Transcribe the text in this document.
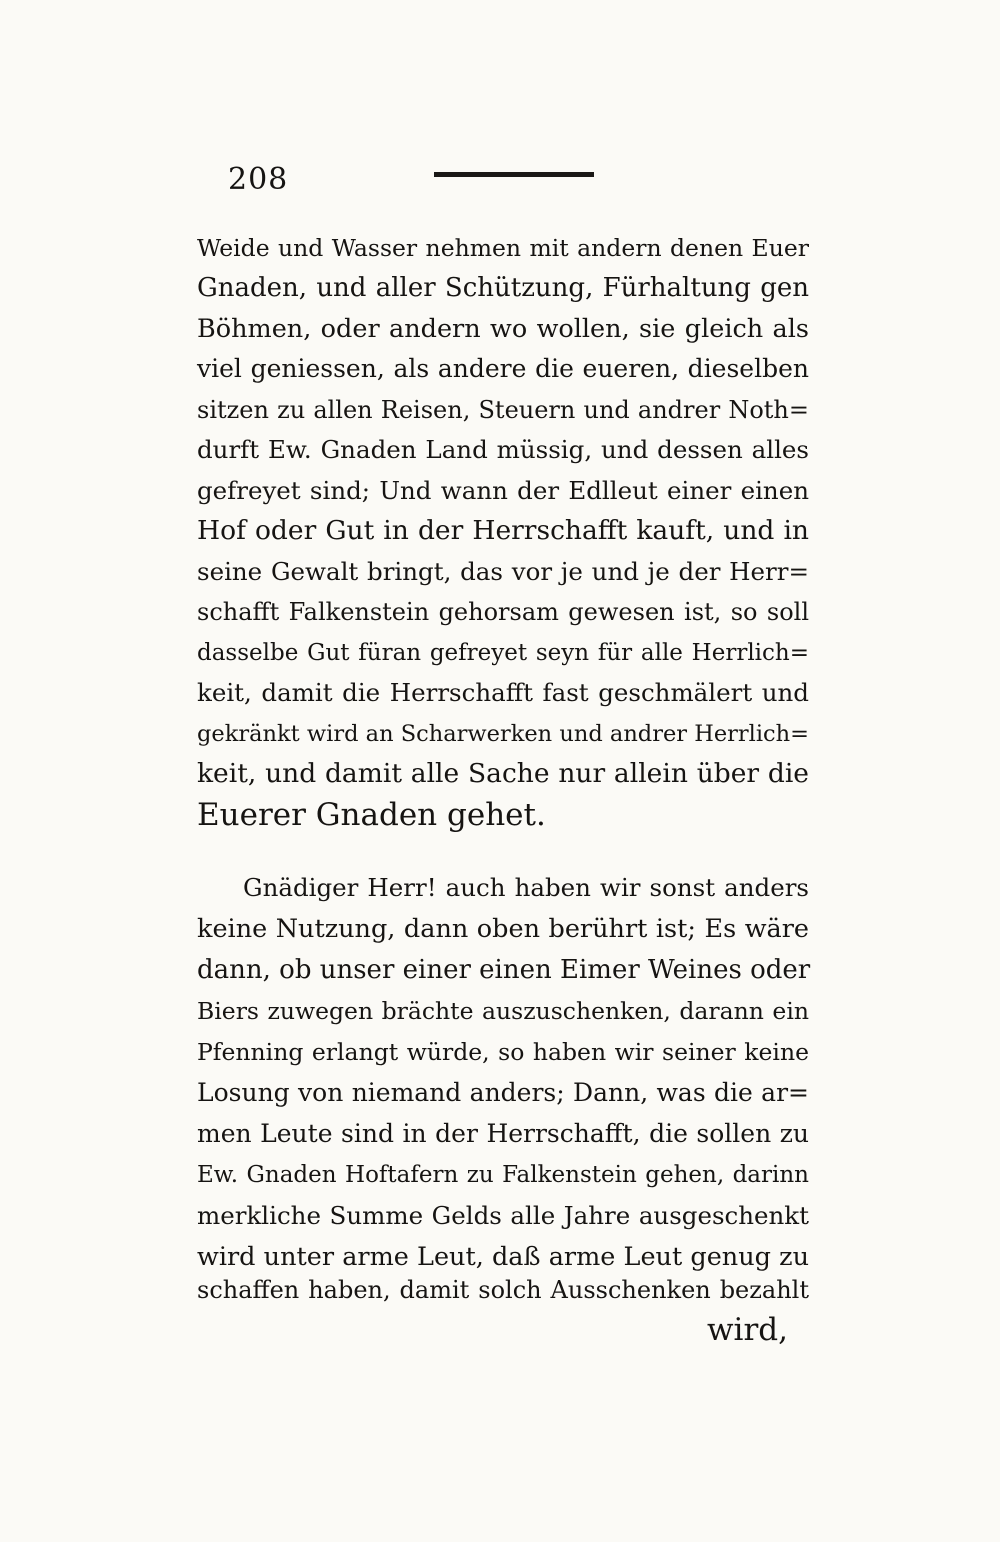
208
Weide und Wasser nehmen mit andern denen Euer
Gnaden, und aller Schützung, Fürhaltung gen
Böhmen, oder andern wo wollen, sie gleich als
viel geniessen, als andere die eueren, dieselben
sitzen zu allen Reisen, Steuern und andrer Noth=
durft Ew. Gnaden Land müssig, und dessen alles
gefreyet sind; Und wann der Edlleut einer einen
Hof oder Gut in der Herrschafft kauft, und in
seine Gewalt bringt, das vor je und je der Herr=
schafft Falkenstein gehorsam gewesen ist, so soll
dasselbe Gut füran gefreyet seyn für alle Herrlich=
keit, damit die Herrschafft fast geschmälert und
gekränkt wird an Scharwerken und andrer Herrlich=
keit, und damit alle Sache nur allein über die
Euerer Gnaden gehet.
Gnädiger Herr! auch haben wir sonst anders
keine Nutzung, dann oben berührt ist; Es wäre
dann, ob unser einer einen Eimer Weines oder
Biers zuwegen brächte auszuschenken, darann ein
Pfenning erlangt würde, so haben wir seiner keine
Losung von niemand anders; Dann, was die ar=
men Leute sind in der Herrschafft, die sollen zu
Ew. Gnaden Hoftafern zu Falkenstein gehen, darinn
merkliche Summe Gelds alle Jahre ausgeschenkt
wird unter arme Leut, daß arme Leut genug zu
schaffen haben, damit solch Ausschenken bezahlt
wird,
